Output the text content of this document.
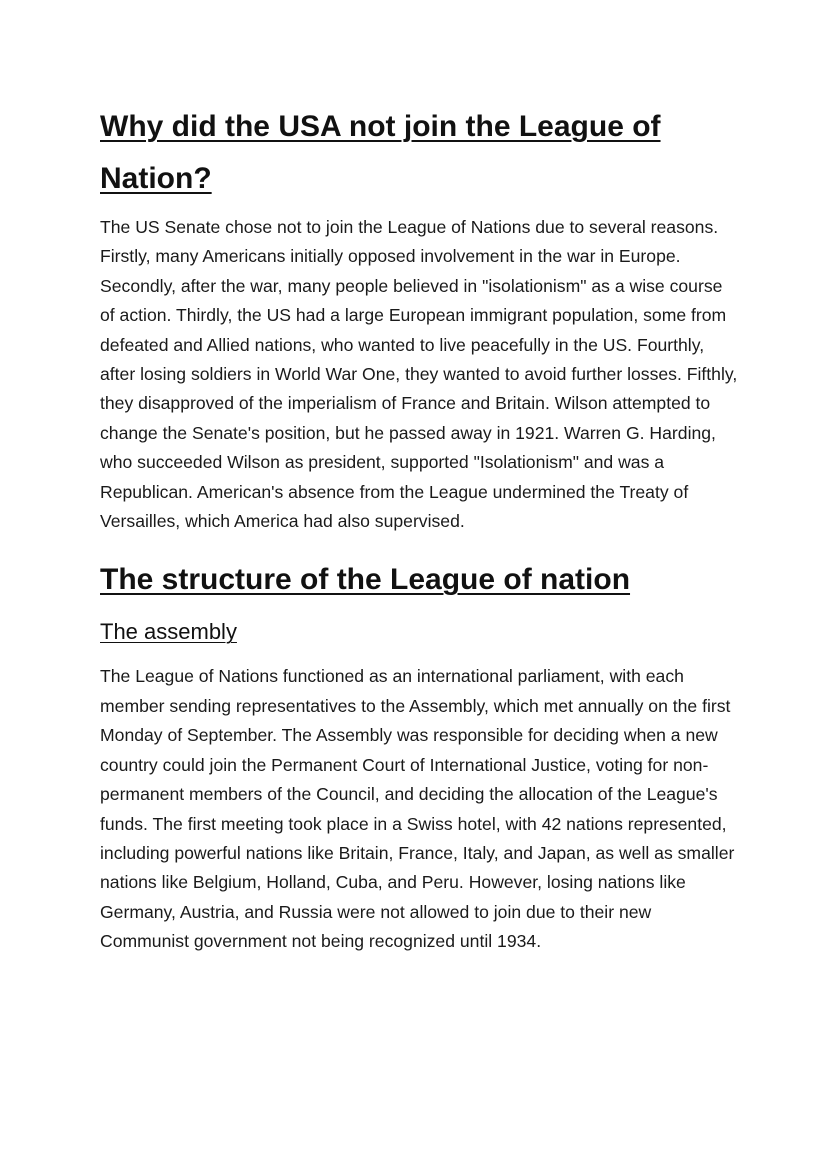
Why did the USA not join the League of Nation?

The US Senate chose not to join the League of Nations due to several reasons. Firstly, many Americans initially opposed involvement in the war in Europe. Secondly, after the war, many people believed in "isolationism" as a wise course of action. Thirdly, the US had a large European immigrant population, some from defeated and Allied nations, who wanted to live peacefully in the US. Fourthly, after losing soldiers in World War One, they wanted to avoid further losses. Fifthly, they disapproved of the imperialism of France and Britain. Wilson attempted to change the Senate's position, but he passed away in 1921. Warren G. Harding, who succeeded Wilson as president, supported "Isolationism" and was a Republican. American's absence from the League undermined the Treaty of Versailles, which America had also supervised.

The structure of the League of nation
The assembly

The League of Nations functioned as an international parliament, with each member sending representatives to the Assembly, which met annually on the first Monday of September. The Assembly was responsible for deciding when a new country could join the Permanent Court of International Justice, voting for non-permanent members of the Council, and deciding the allocation of the League's funds. The first meeting took place in a Swiss hotel, with 42 nations represented, including powerful nations like Britain, France, Italy, and Japan, as well as smaller nations like Belgium, Holland, Cuba, and Peru. However, losing nations like Germany, Austria, and Russia were not allowed to join due to their new Communist government not being recognized until 1934.
